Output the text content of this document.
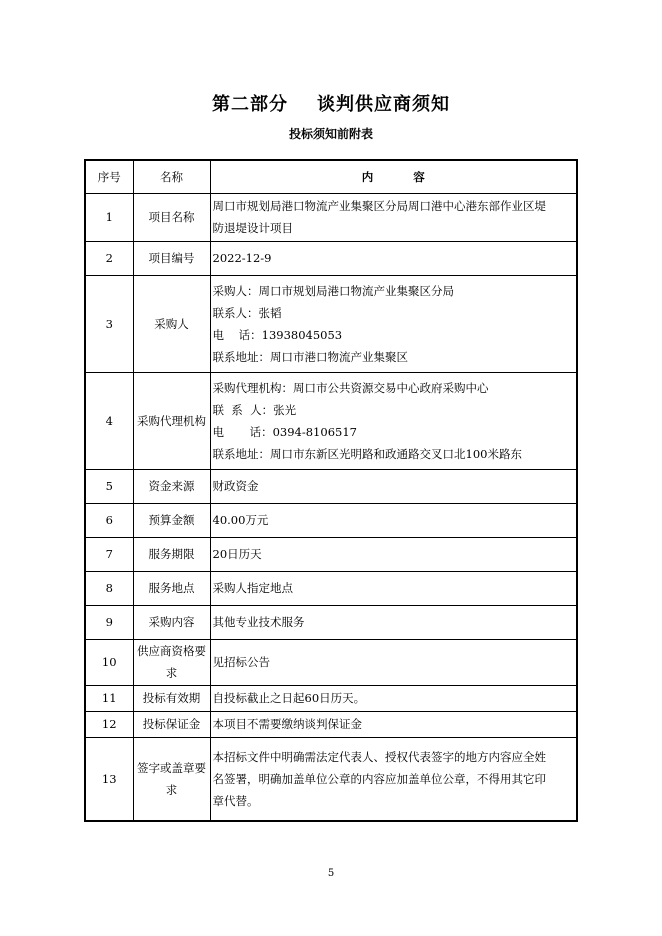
第二部分    谈判供应商须知
投标须知前附表
序号	名称	内          容
1	项目名称	周口市规划局港口物流产业集聚区分局周口港中心港东部作业区堤
防退堤设计项目

2	项目编号	2022-12-9

3	采购人	采购人：周口市规划局港口物流产业集聚区分局
联系人：张韬
电    话：13938045053
联系地址：周口市港口物流产业集聚区

4	采购代理机构	采购代理机构：周口市公共资源交易中心政府采购中心
联  系  人：张光
电       话：0394-8106517
联系地址：周口市东新区光明路和政通路交叉口北100米路东

5	资金来源	财政资金

6	预算金额	40.00万元

7	服务期限	20日历天

8	服务地点	采购人指定地点

9	采购内容	其他专业技术服务

10	供应商资格要
求	见招标公告

11	投标有效期	自投标截止之日起60日历天。

12	投标保证金	本项目不需要缴纳谈判保证金

13	签字或盖章要
求	本招标文件中明确需法定代表人、授权代表签字的地方内容应全姓
名签署，明确加盖单位公章的内容应加盖单位公章，不得用其它印
章代替。
5
